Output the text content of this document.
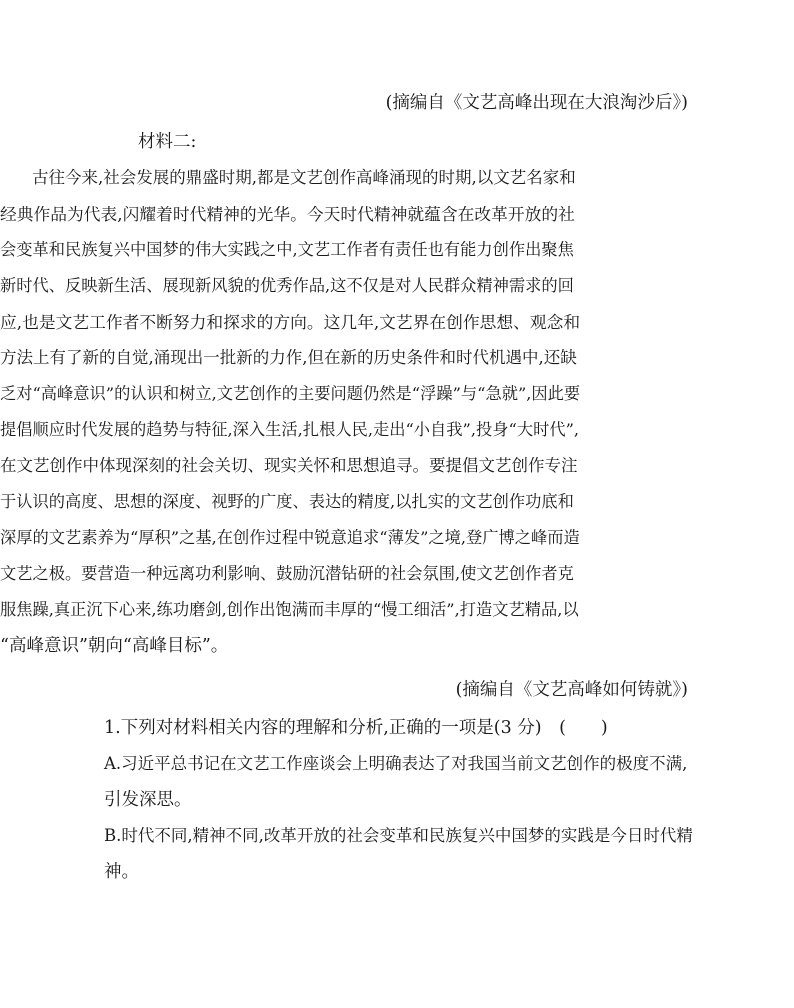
(摘编自《文艺高峰出现在大浪淘沙后》)
材料二:
古往今来,社会发展的鼎盛时期,都是文艺创作高峰涌现的时期,以文艺名家和
经典作品为代表,闪耀着时代精神的光华。今天时代精神就蕴含在改革开放的社
会变革和民族复兴中国梦的伟大实践之中,文艺工作者有责任也有能力创作出聚焦
新时代、反映新生活、展现新风貌的优秀作品,这不仅是对人民群众精神需求的回
应,也是文艺工作者不断努力和探求的方向。这几年,文艺界在创作思想、观念和
方法上有了新的自觉,涌现出一批新的力作,但在新的历史条件和时代机遇中,还缺
乏对“高峰意识”的认识和树立,文艺创作的主要问题仍然是“浮躁”与“急就”,因此要
提倡顺应时代发展的趋势与特征,深入生活,扎根人民,走出“小自我”,投身“大时代”,
在文艺创作中体现深刻的社会关切、现实关怀和思想追寻。要提倡文艺创作专注
于认识的高度、思想的深度、视野的广度、表达的精度,以扎实的文艺创作功底和
深厚的文艺素养为“厚积”之基,在创作过程中锐意追求“薄发”之境,登广博之峰而造
文艺之极。要营造一种远离功利影响、鼓励沉潜钻研的社会氛围,使文艺创作者克
服焦躁,真正沉下心来,练功磨剑,创作出饱满而丰厚的“慢工细活”,打造文艺精品,以
“高峰意识”朝向“高峰目标”。
(摘编自《文艺高峰如何铸就》)
1.下列对材料相关内容的理解和分析,正确的一项是(3 分)　(　　)
A.习近平总书记在文艺工作座谈会上明确表达了对我国当前文艺创作的极度不满,
引发深思。
B.时代不同,精神不同,改革开放的社会变革和民族复兴中国梦的实践是今日时代精
神。
